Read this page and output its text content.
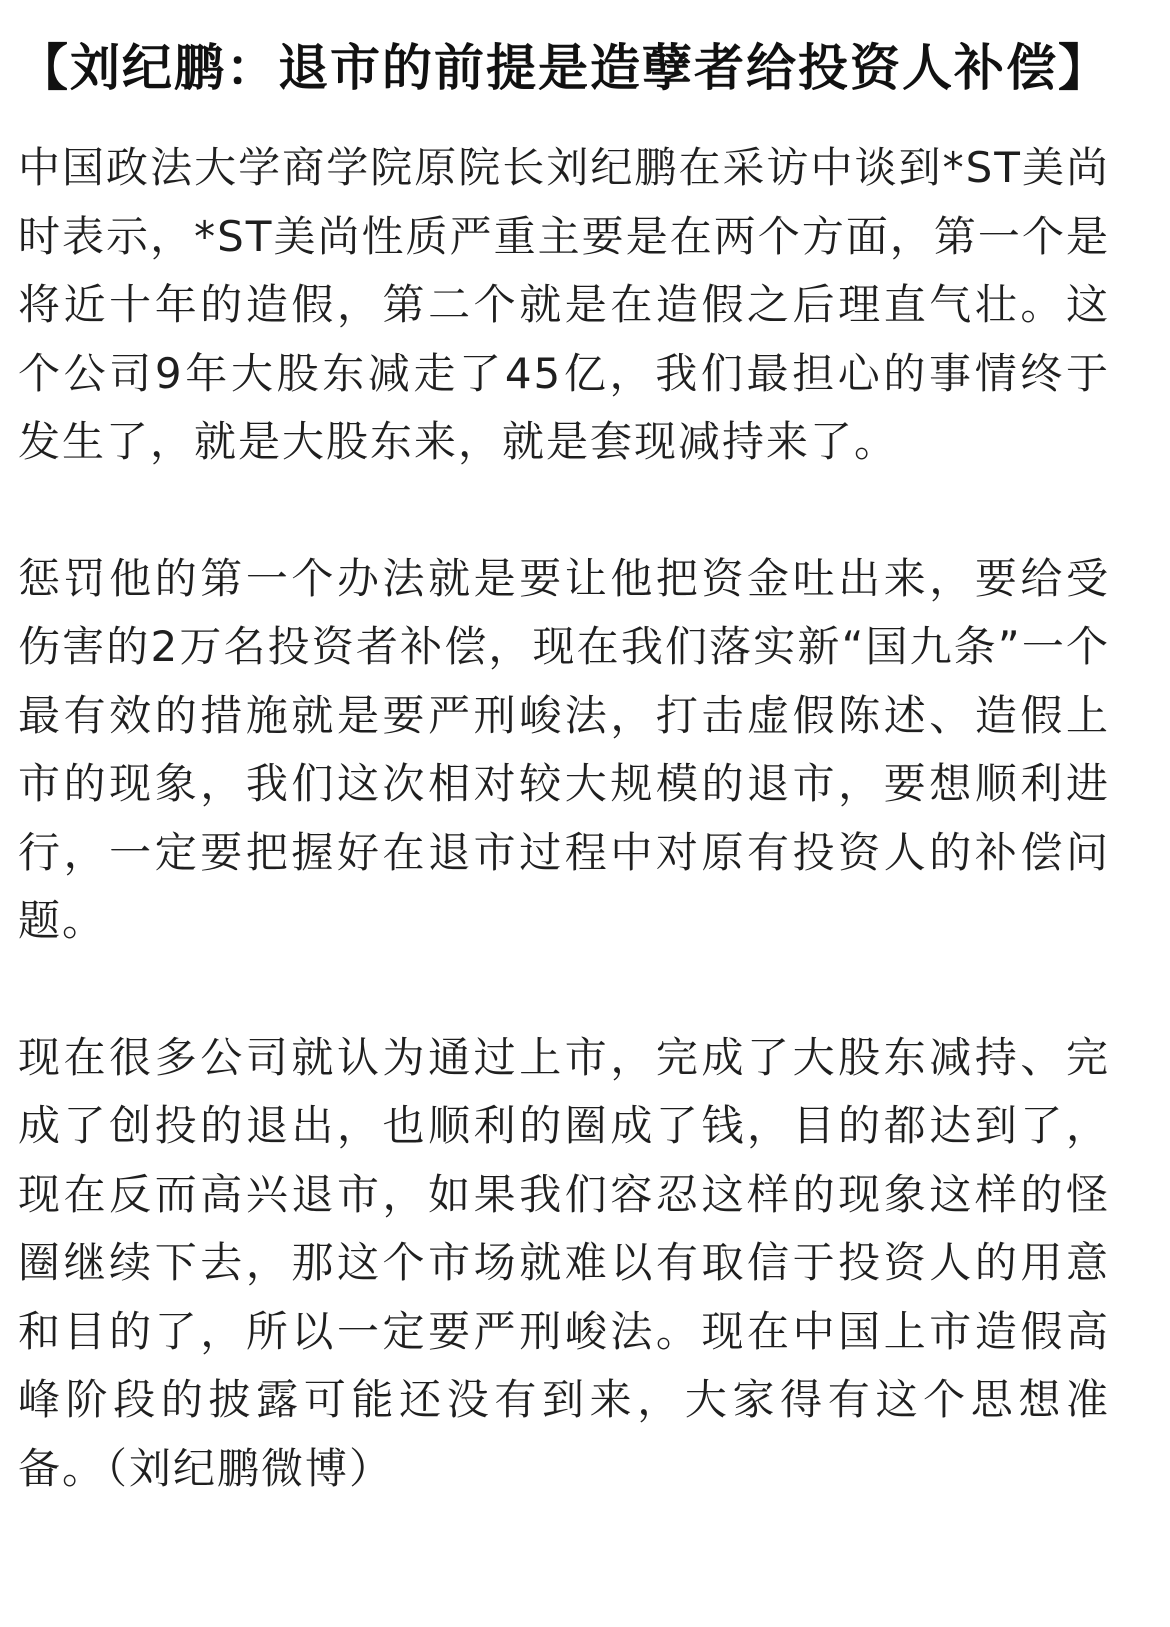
【刘纪鹏：退市的前提是造孽者给投资人补偿】

中国政法大学商学院原院长刘纪鹏在采访中谈到*ST美尚时表示，*ST美尚性质严重主要是在两个方面，第一个是将近十年的造假，第二个就是在造假之后理直气壮。这个公司9年大股东减走了45亿，我们最担心的事情终于发生了，就是大股东来，就是套现减持来了。

惩罚他的第一个办法就是要让他把资金吐出来，要给受伤害的2万名投资者补偿，现在我们落实新“国九条”一个最有效的措施就是要严刑峻法，打击虚假陈述、造假上市的现象，我们这次相对较大规模的退市，要想顺利进行，一定要把握好在退市过程中对原有投资人的补偿问题。

现在很多公司就认为通过上市，完成了大股东减持、完成了创投的退出，也顺利的圈成了钱，目的都达到了，现在反而高兴退市，如果我们容忍这样的现象这样的怪圈继续下去，那这个市场就难以有取信于投资人的用意和目的了，所以一定要严刑峻法。现在中国上市造假高峰阶段的披露可能还没有到来，大家得有这个思想准备。（刘纪鹏微博）
